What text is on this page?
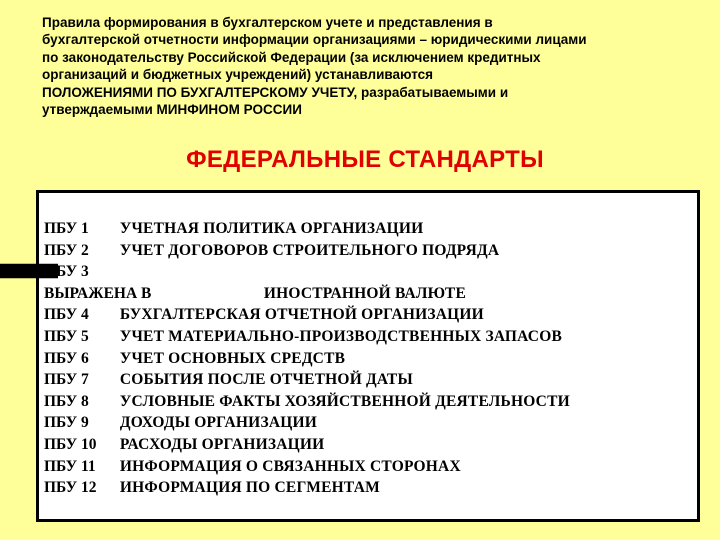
Правила формирования в бухгалтерском учете и представления в
бухгалтерской отчетности информации организациями – юридическими лицами
по законодательству Российской Федерации (за исключением кредитных
организаций и бюджетных учреждений) устанавливаются
ПОЛОЖЕНИЯМИ ПО БУХГАЛТЕРСКОМУ УЧЕТУ, разрабатываемыми и
утверждаемыми МИНФИНОМ РОССИИ
ФЕДЕРАЛЬНЫЕ СТАНДАРТЫ
ПБУ 1 УЧЕТНАЯ ПОЛИТИКА ОРГАНИЗАЦИИ
ПБУ 2 УЧЕТ ДОГОВОРОВ СТРОИТЕЛЬНОГО ПОДРЯДА
ПБУ 3
ВЫРАЖЕНА В	ИНОСТРАННОЙ ВАЛЮТЕ
ПБУ 4 БУХГАЛТЕРСКАЯ ОТЧЕТНОЙ ОРГАНИЗАЦИИ
ПБУ 5 УЧЕТ МАТЕРИАЛЬНО-ПРОИЗВОДСТВЕННЫХ ЗАПАСОВ
ПБУ 6 УЧЕТ ОСНОВНЫХ СРЕДСТВ
ПБУ 7 СОБЫТИЯ ПОСЛЕ ОТЧЕТНОЙ ДАТЫ
ПБУ 8 УСЛОВНЫЕ ФАКТЫ ХОЗЯЙСТВЕННОЙ ДЕЯТЕЛЬНОСТИ
ПБУ 9 ДОХОДЫ ОРГАНИЗАЦИИ
ПБУ 10 РАСХОДЫ ОРГАНИЗАЦИИ
ПБУ 11 ИНФОРМАЦИЯ О СВЯЗАННЫХ СТОРОНАХ
ПБУ 12 ИНФОРМАЦИЯ ПО СЕГМЕНТАМ
